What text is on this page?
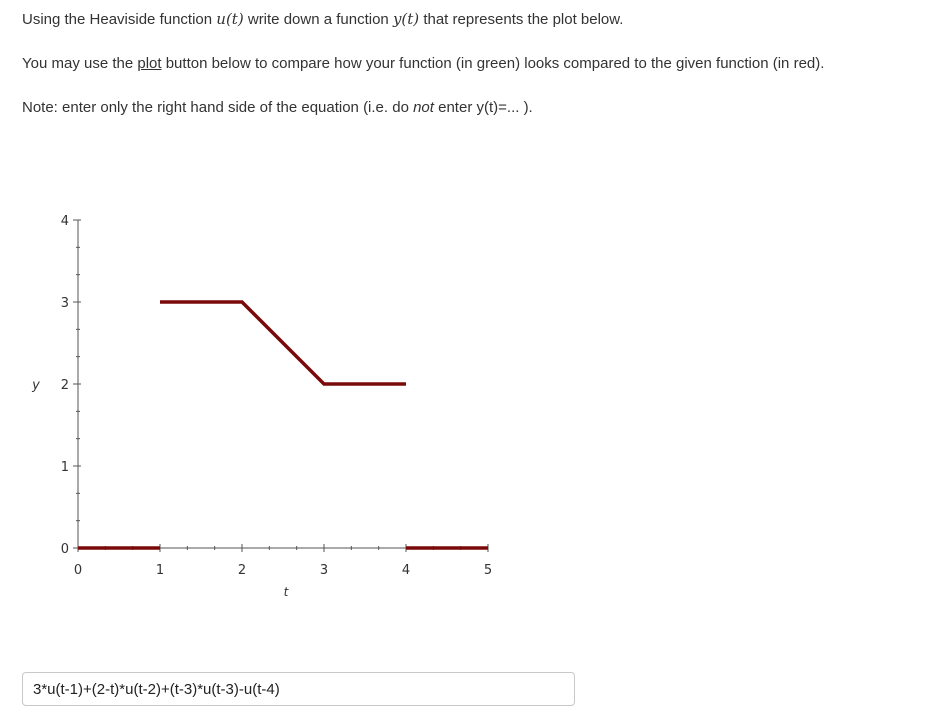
Using the Heaviside function u(t) write down a function y(t) that represents the plot below.
You may use the plot button below to compare how your function (in green) looks compared to the given function (in red).
Note: enter only the right hand side of the equation (i.e. do not enter y(t)=... ).
0	1	2	3	4	5
0
1
2
3
4
t
y
3*u(t-1)+(2-t)*u(t-2)+(t-3)*u(t-3)-u(t-4)
